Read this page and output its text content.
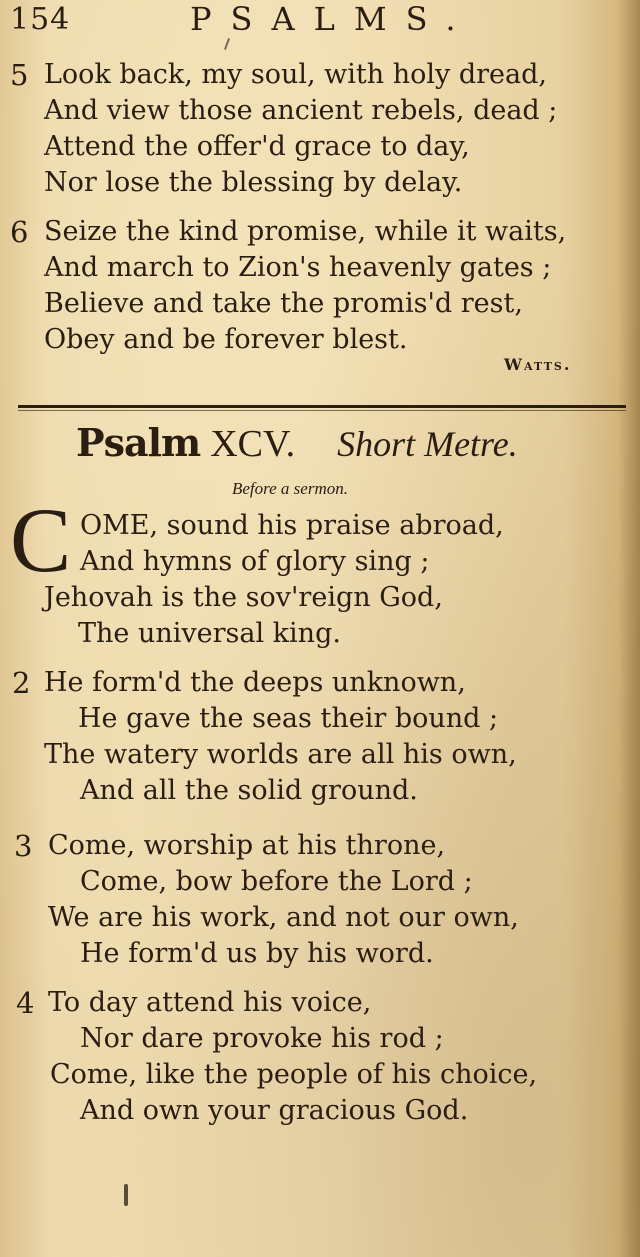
154	PSALMS.
5 Look back, my soul, with holy dread,
And view those ancient rebels, dead ;
Attend the offer'd grace to day,
Nor lose the blessing by delay.
6 Seize the kind promise, while it waits,
And march to Zion's heavenly gates ;
Believe and take the promis'd rest,
Obey and be forever blest.
Watts.
Psalm XCV. Short Metre.
Before a sermon.
C OME, sound his praise abroad,
And hymns of glory sing ;
Jehovah is the sov'reign God,
The universal king.
2 He form'd the deeps unknown,
He gave the seas their bound ;
The watery worlds are all his own,
And all the solid ground.
3 Come, worship at his throne,
Come, bow before the Lord ;
We are his work, and not our own,
He form'd us by his word.
4 To day attend his voice,
Nor dare provoke his rod ;
Come, like the people of his choice,
And own your gracious God.
